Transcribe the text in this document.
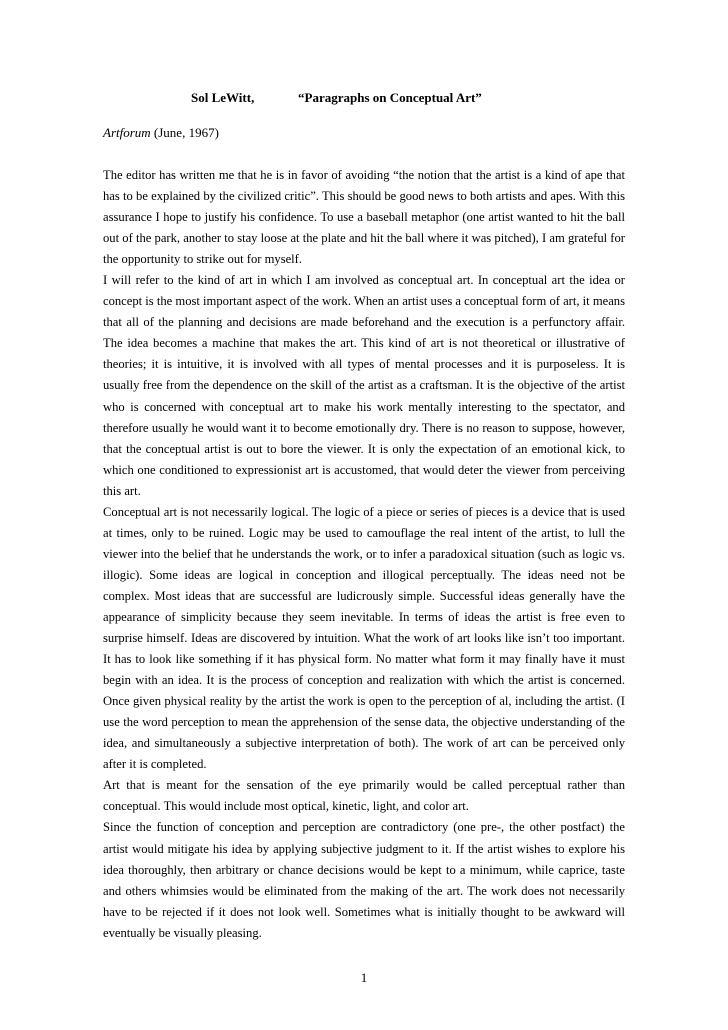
Sol LeWitt,	“Paragraphs on Conceptual Art”
Artforum (June, 1967)

The editor has written me that he is in favor of avoiding “the notion that the artist is a kind of ape that has to be explained by the civilized critic”. This should be good news to both artists and apes. With this assurance I hope to justify his confidence. To use a baseball metaphor (one artist wanted to hit the ball out of the park, another to stay loose at the plate and hit the ball where it was pitched), I am grateful for the opportunity to strike out for myself.

I will refer to the kind of art in which I am involved as conceptual art. In conceptual art the idea or concept is the most important aspect of the work. When an artist uses a conceptual form of art, it means that all of the planning and decisions are made beforehand and the execution is a perfunctory affair. The idea becomes a machine that makes the art. This kind of art is not theoretical or illustrative of theories; it is intuitive, it is involved with all types of mental processes and it is purposeless. It is usually free from the dependence on the skill of the artist as a craftsman. It is the objective of the artist who is concerned with conceptual art to make his work mentally interesting to the spectator, and therefore usually he would want it to become emotionally dry. There is no reason to suppose, however, that the conceptual artist is out to bore the viewer. It is only the expectation of an emotional kick, to which one conditioned to expressionist art is accustomed, that would deter the viewer from perceiving this art.

Conceptual art is not necessarily logical. The logic of a piece or series of pieces is a device that is used at times, only to be ruined. Logic may be used to camouflage the real intent of the artist, to lull the viewer into the belief that he understands the work, or to infer a paradoxical situation (such as logic vs. illogic). Some ideas are logical in conception and illogical perceptually. The ideas need not be complex. Most ideas that are successful are ludicrously simple. Successful ideas generally have the appearance of simplicity because they seem inevitable. In terms of ideas the artist is free even to surprise himself. Ideas are discovered by intuition. What the work of art looks like isn’t too important. It has to look like something if it has physical form. No matter what form it may finally have it must begin with an idea. It is the process of conception and realization with which the artist is concerned. Once given physical reality by the artist the work is open to the perception of al, including the artist. (I use the word perception to mean the apprehension of the sense data, the objective understanding of the idea, and simultaneously a subjective interpretation of both). The work of art can be perceived only after it is completed.

Art that is meant for the sensation of the eye primarily would be called perceptual rather than conceptual. This would include most optical, kinetic, light, and color art.

Since the function of conception and perception are contradictory (one pre-, the other postfact) the artist would mitigate his idea by applying subjective judgment to it. If the artist wishes to explore his idea thoroughly, then arbitrary or chance decisions would be kept to a minimum, while caprice, taste and others whimsies would be eliminated from the making of the art. The work does not necessarily have to be rejected if it does not look well. Sometimes what is initially thought to be awkward will eventually be visually pleasing.

1
